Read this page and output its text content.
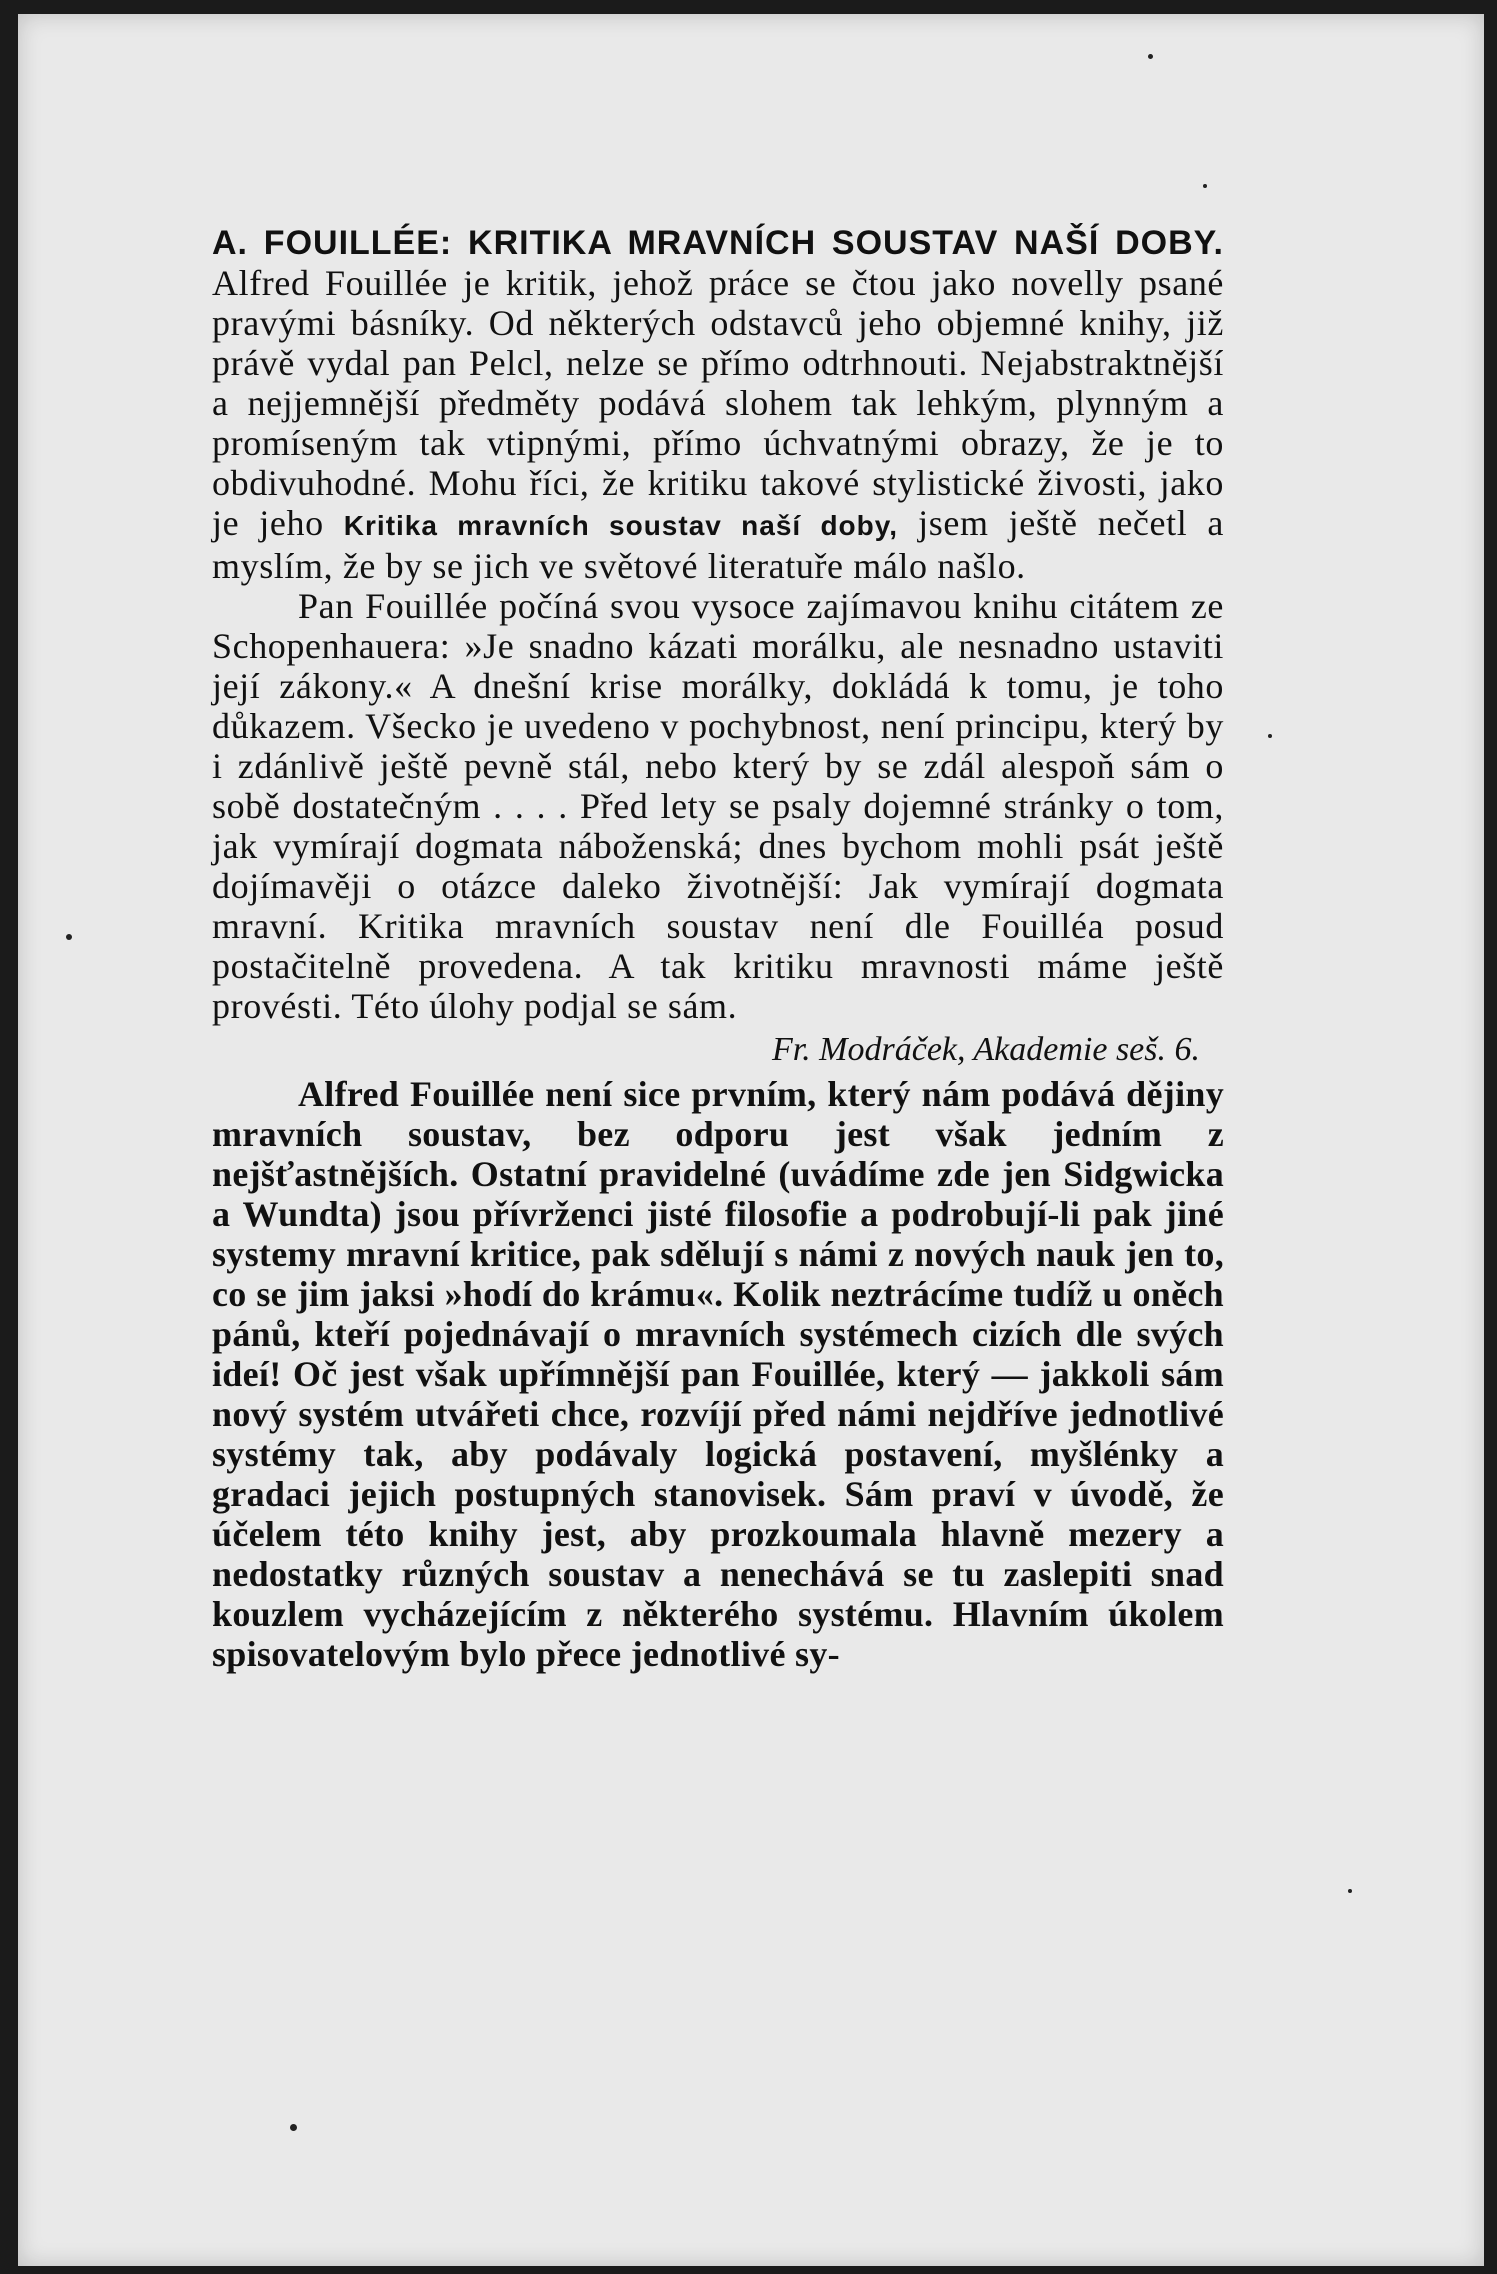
A. FOUILLÉE: KRITIKA MRAVNÍCH SOUSTAV NAŠÍ DOBY. Alfred Fouillée je kritik, jehož práce se čtou jako novelly psané pravými básníky. Od některých odstavců jeho objemné knihy, již právě vydal pan Pelcl, nelze se přímo odtrhnouti. Nejabstraktnější a nejjemnější předměty podává slohem tak lehkým, plynným a promíseným tak vtipnými, přímo úchvatnými obrazy, že je to obdivuhodné. Mohu říci, že kritiku takové stylistické živosti, jako je jeho Kritika mravních soustav naší doby, jsem ještě nečetl a myslím, že by se jich ve světové literatuře málo našlo.

Pan Fouillée počíná svou vysoce zajímavou knihu citátem ze Schopenhauera: »Je snadno kázati morálku, ale nesnadno ustaviti její zákony.« A dnešní krise morálky, dokládá k tomu, je toho důkazem. Všecko je uvedeno v pochybnost, není principu, který by i zdánlivě ještě pevně stál, nebo který by se zdál alespoň sám o sobě dostatečným . . . . Před lety se psaly dojemné stránky o tom, jak vymírají dogmata náboženská; dnes bychom mohli psát ještě dojímavěji o otázce daleko životnější: Jak vymírají dogmata mravní. Kritika mravních soustav není dle Fouilléa posud postačitelně provedena. A tak kritiku mravnosti máme ještě provésti. Této úlohy podjal se sám.

Fr. Modráček, Akademie seš. 6.

Alfred Fouillée není sice prvním, který nám podává dějiny mravních soustav, bez odporu jest však jedním z nejšťastnějších. Ostatní pravidelné (uvádíme zde jen Sidgwicka a Wundta) jsou přívrženci jisté filosofie a podrobují-li pak jiné systemy mravní kritice, pak sdělují s námi z nových nauk jen to, co se jim jaksi »hodí do krámu«. Kolik neztrácíme tudíž u oněch pánů, kteří pojednávají o mravních systémech cizích dle svých ideí! Oč jest však upřímnější pan Fouillée, který — jakkoli sám nový systém utvářeti chce, rozvíjí před námi nejdříve jednotlivé systémy tak, aby podávaly logická postavení, myšlénky a gradaci jejich postupných stanovisek. Sám praví v úvodě, že účelem této knihy jest, aby prozkoumala hlavně mezery a nedostatky různých soustav a nenechává se tu zaslepiti snad kouzlem vycházejícím z některého systému. Hlavním úkolem spisovatelovým bylo přece jednotlivé sy-
